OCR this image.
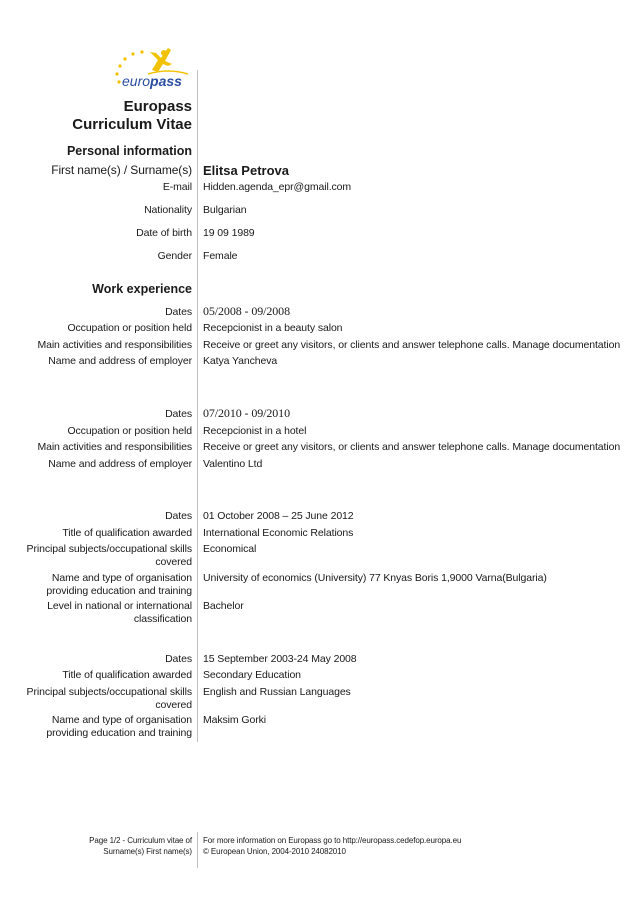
europass
Europass
Curriculum Vitae
Personal information
First name(s) / Surname(s) Elitsa Petrova
E-mail Hidden.agenda_epr@gmail.com
Nationality Bulgarian
Date of birth 19 09 1989
Gender Female
Work experience
Dates 05/2008 - 09/2008
Occupation or position held Recepcionist in a beauty salon
Main activities and responsibilities Receive or greet any visitors, or clients and answer telephone calls. Manage documentation
Name and address of employer Katya Yancheva
Dates 07/2010 - 09/2010
Occupation or position held Recepcionist in a hotel
Main activities and responsibilities Receive or greet any visitors, or clients and answer telephone calls. Manage documentation
Name and address of employer Valentino Ltd
Dates 01 October 2008 – 25 June 2012
Title of qualification awarded International Economic Relations
Principal subjects/occupational skills
covered
Economical
Name and type of organisation
providing education and training
University of economics (University) 77 Knyas Boris 1,9000 Varna(Bulgaria)
Level in national or international
classification
Bachelor
Dates 15 September 2003-24 May 2008
Title of qualification awarded Secondary Education
Principal subjects/occupational skills
covered
English and Russian Languages
Name and type of organisation
providing education and training
Maksim Gorki
Page 1/2 - Curriculum vitae of
Surname(s) First name(s)
For more information on Europass go to http://europass.cedefop.europa.eu
© European Union, 2004-2010 24082010
